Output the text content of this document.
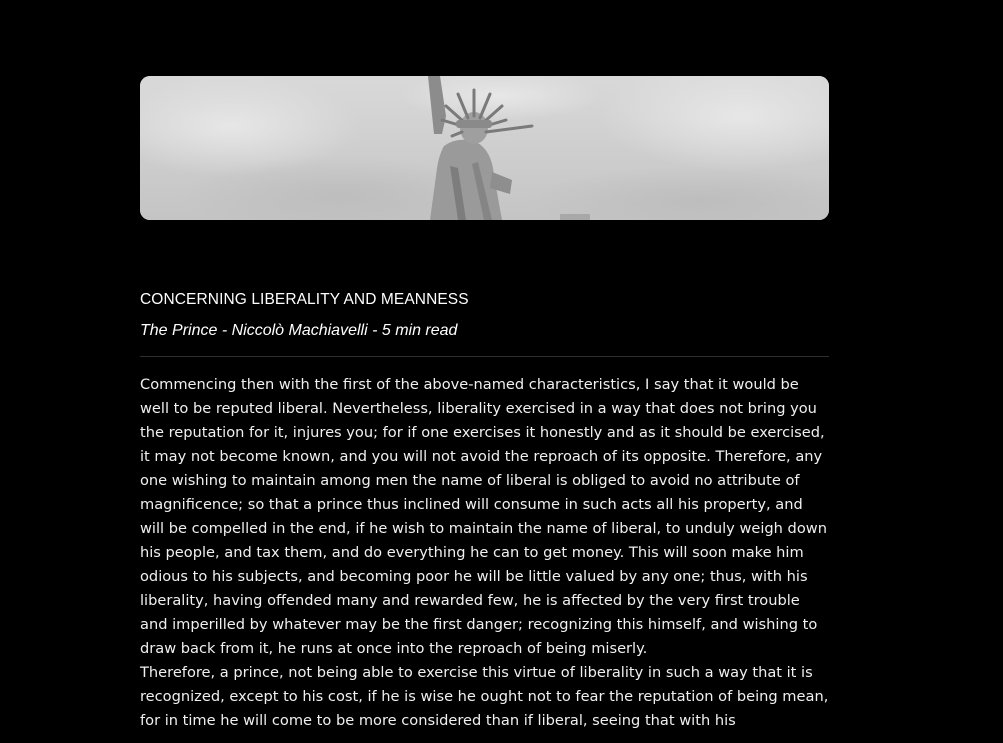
CONCERNING LIBERALITY AND MEANNESS
The Prince - Niccolò Machiavelli - 5 min read

Commencing then with the first of the above-named characteristics, I say that it would be well to be reputed liberal. Nevertheless, liberality exercised in a way that does not bring you the reputation for it, injures you; for if one exercises it honestly and as it should be exercised, it may not become known, and you will not avoid the reproach of its opposite. Therefore, any one wishing to maintain among men the name of liberal is obliged to avoid no attribute of magnificence; so that a prince thus inclined will consume in such acts all his property, and will be compelled in the end, if he wish to maintain the name of liberal, to unduly weigh down his people, and tax them, and do everything he can to get money. This will soon make him odious to his subjects, and becoming poor he will be little valued by any one; thus, with his liberality, having offended many and rewarded few, he is affected by the very first trouble and imperilled by whatever may be the first danger; recognizing this himself, and wishing to draw back from it, he runs at once into the reproach of being miserly.

Therefore, a prince, not being able to exercise this virtue of liberality in such a way that it is recognized, except to his cost, if he is wise he ought not to fear the reputation of being mean, for in time he will come to be more considered than if liberal, seeing that with his
